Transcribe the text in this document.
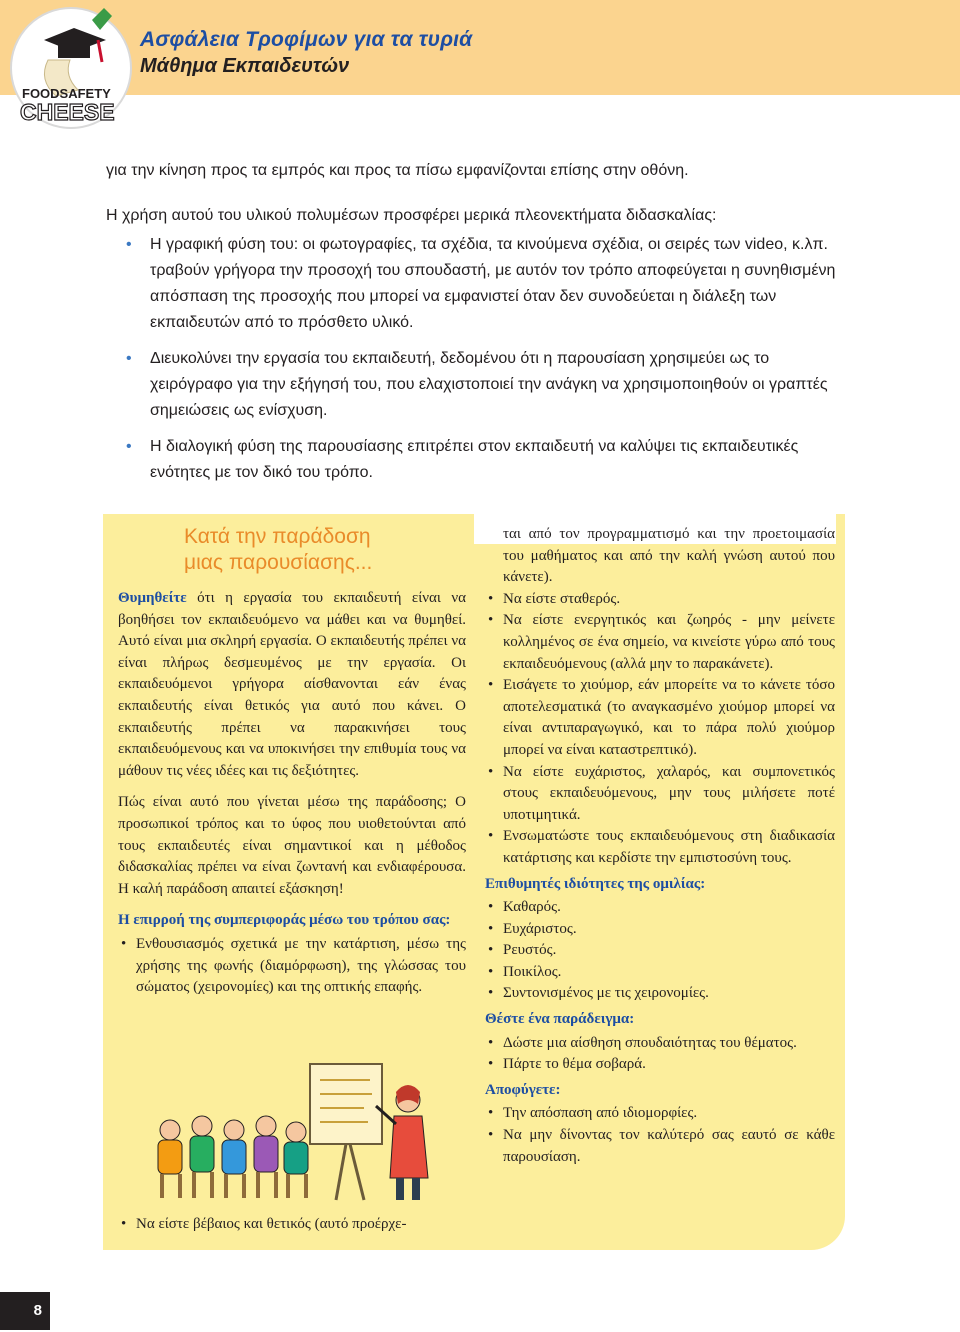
FOODSAFETY
CHEESE
Ασφάλεια Τροφίμων για τα τυριά
Μάθημα Εκπαιδευτών
για την κίνηση προς τα εμπρός και προς τα πίσω εμφανίζονται επίσης στην οθόνη.
Η χρήση αυτού του υλικού πολυμέσων προσφέρει μερικά πλεονεκτήματα διδασκαλίας:
• Η γραφική φύση του: οι φωτογραφίες, τα σχέδια, τα κινούμενα σχέδια, οι σειρές των video, κ.λπ. τραβούν γρήγορα την προσοχή του σπουδαστή, με αυτόν τον τρόπο αποφεύγεται η συνηθισμένη απόσπαση της προσοχής που μπορεί να εμφανιστεί όταν δεν συνοδεύεται η διάλεξη των εκπαιδευτών από το πρόσθετο υλικό.
• Διευκολύνει την εργασία του εκπαιδευτή, δεδομένου ότι η παρουσίαση χρησιμεύει ως το χειρόγραφο για την εξήγησή του, που ελαχιστοποιεί την ανάγκη να χρησιμοποιηθούν οι γραπτές σημειώσεις ως ενίσχυση.
• Η διαλογική φύση της παρουσίασης επιτρέπει στον εκπαιδευτή να καλύψει τις εκπαιδευτικές ενότητες με τον δικό του τρόπο.
Κατά την παράδοση
μιας παρουσίασης...

Θυμηθείτε ότι η εργασία του εκπαιδευτή είναι να βοηθήσει τον εκπαιδευόμενο να μάθει και να θυμηθεί. Αυτό είναι μια σκληρή εργασία. Ο εκπαιδευτής πρέπει να είναι πλήρως δεσμευμένος με την εργασία. Οι εκπαιδευόμενοι γρήγορα αίσθανονται εάν ένας εκπαιδευτής είναι θετικός για αυτό που κάνει. Ο εκπαιδευτής πρέπει να παρακινήσει τους εκπαιδευόμενους και να υποκινήσει την επιθυμία τους να μάθουν τις νέες ιδέες και τις δεξιότητες.

Πώς είναι αυτό που γίνεται μέσω της παράδοσης; Ο προσωπικοί τρόπος και το ύφος που υιοθετούνται από τους εκπαιδευτές είναι σημαντικοί και η μέθοδος διδασκαλίας πρέπει να είναι ζωντανή και ενδιαφέρουσα. Η καλή παράδοση απαιτεί εξάσκηση!

Η επιρροή της συμπεριφοράς μέσω του τρόπου σας:
• Ενθουσιασμός σχετικά με την κατάρτιση, μέσω της χρήσης της φωνής (διαμόρφωση), της γλώσσας του σώματος (χειρονομίες) και της οπτικής επαφής.
• Να είστε βέβαιος και θετικός (αυτό προέρχε-
ται από τον προγραμματισμό και την προετοιμασία του μαθήματος και από την καλή γνώση αυτού που κάνετε).
• Να είστε σταθερός.
• Να είστε ενεργητικός και ζωηρός - μην μείνετε κολλημένος σε ένα σημείο, να κινείστε γύρω από τους εκπαιδευόμενους (αλλά μην το παρακάνετε).
• Εισάγετε το χιούμορ, εάν μπορείτε να το κάνετε τόσο αποτελεσματικά (το αναγκασμένο χιούμορ μπορεί να είναι αντιπαραγωγικό, και το πάρα πολύ χιούμορ μπορεί να είναι καταστρεπτικό).
• Να είστε ευχάριστος, χαλαρός, και συμπονετικός στους εκπαιδευόμενους, μην τους μιλήσετε ποτέ υποτιμητικά.
• Ενσωματώστε τους εκπαιδευόμενους στη διαδικασία κατάρτισης και κερδίστε την εμπιστοσύνη τους.
Επιθυμητές ιδιότητες της ομιλίας:
• Καθαρός.
• Ευχάριστος.
• Ρευστός.
• Ποικίλος.
• Συντονισμένος με τις χειρονομίες.
Θέστε ένα παράδειγμα:
• Δώστε μια αίσθηση σπουδαιότητας του θέματος.
• Πάρτε το θέμα σοβαρά.
Αποφύγετε:
• Την απόσπαση από ιδιομορφίες.
• Να μην δίνοντας τον καλύτερό σας εαυτό σε κάθε παρουσίαση.
8
